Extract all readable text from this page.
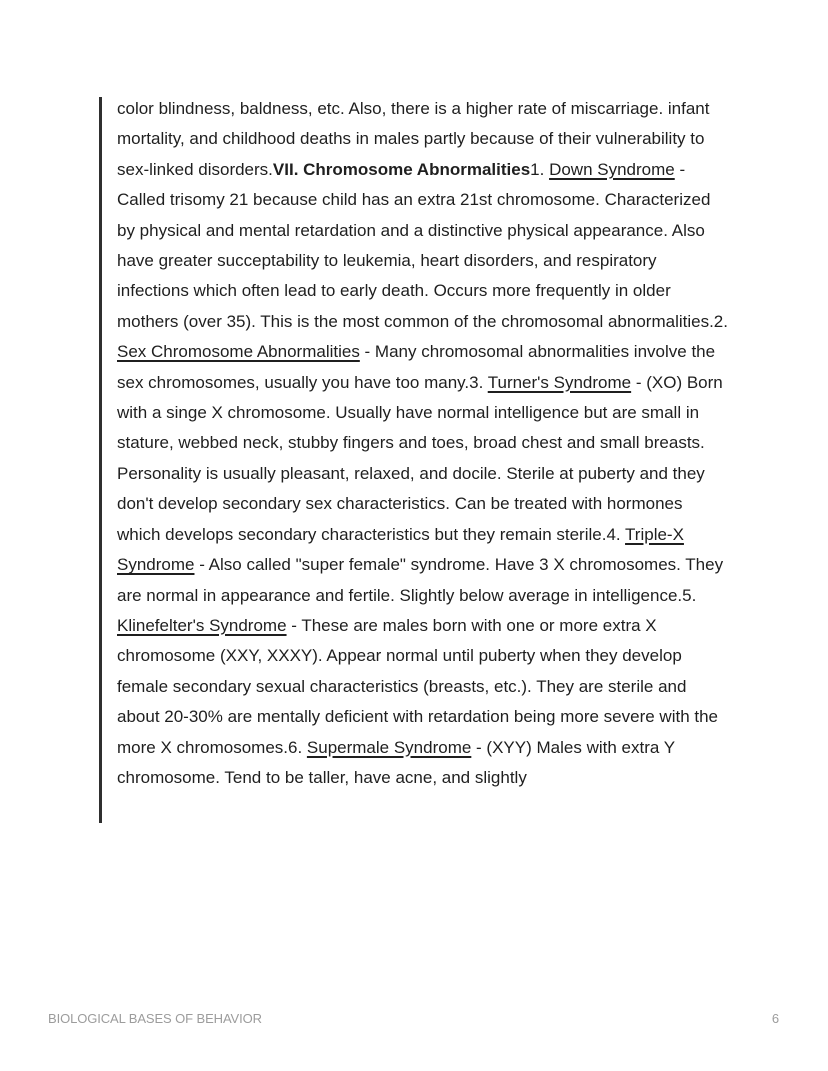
color blindness, baldness, etc. Also, there is a higher rate of miscarriage. infant mortality, and childhood deaths in males partly because of their vulnerability to sex-linked disorders.VII. Chromosome Abnormalities1. Down Syndrome - Called trisomy 21 because child has an extra 21st chromosome. Characterized by physical and mental retardation and a distinctive physical appearance. Also have greater succeptability to leukemia, heart disorders, and respiratory infections which often lead to early death. Occurs more frequently in older mothers (over 35). This is the most common of the chromosomal abnormalities.2. Sex Chromosome Abnormalities - Many chromosomal abnormalities involve the sex chromosomes, usually you have too many.3. Turner's Syndrome - (XO) Born with a singe X chromosome. Usually have normal intelligence but are small in stature, webbed neck, stubby fingers and toes, broad chest and small breasts. Personality is usually pleasant, relaxed, and docile. Sterile at puberty and they don't develop secondary sex characteristics. Can be treated with hormones which develops secondary characteristics but they remain sterile.4. Triple-X Syndrome - Also called "super female" syndrome. Have 3 X chromosomes. They are normal in appearance and fertile. Slightly below average in intelligence.5. Klinefelter's Syndrome - These are males born with one or more extra X chromosome (XXY, XXXY). Appear normal until puberty when they develop female secondary sexual characteristics (breasts, etc.). They are sterile and about 20-30% are mentally deficient with retardation being more severe with the more X chromosomes.6. Supermale Syndrome - (XYY) Males with extra Y chromosome. Tend to be taller, have acne, and slightly

BIOLOGICAL BASES OF BEHAVIOR	6
